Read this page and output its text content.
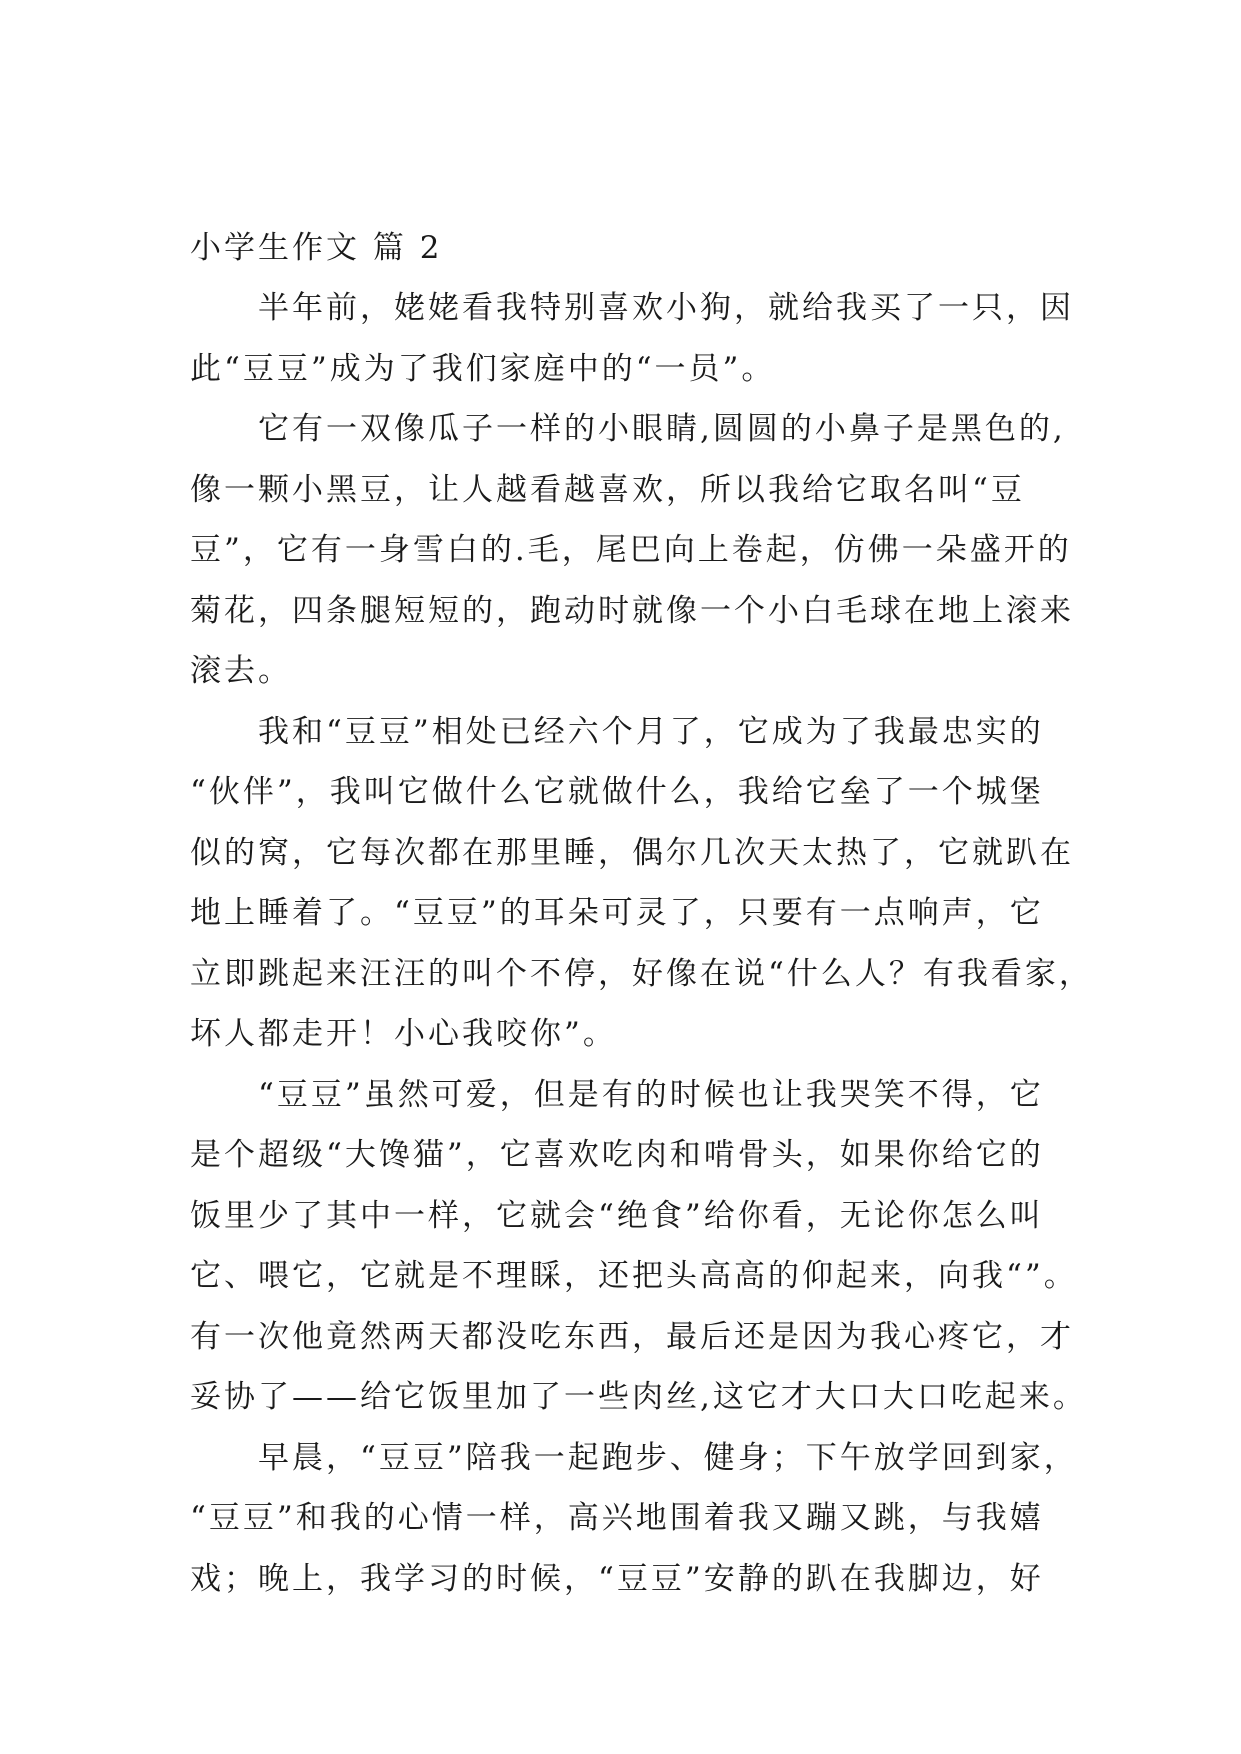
小学生作文 篇 2

半年前，姥姥看我特别喜欢小狗，就给我买了一只，因
此“豆豆”成为了我们家庭中的“一员”。

它有一双像瓜子一样的小眼睛,圆圆的小鼻子是黑色的,
像一颗小黑豆，让人越看越喜欢，所以我给它取名叫“豆
豆”，它有一身雪白的.毛，尾巴向上卷起，仿佛一朵盛开的
菊花，四条腿短短的，跑动时就像一个小白毛球在地上滚来
滚去。

我和“豆豆”相处已经六个月了，它成为了我最忠实的
“伙伴”，我叫它做什么它就做什么，我给它垒了一个城堡
似的窝，它每次都在那里睡，偶尔几次天太热了，它就趴在
地上睡着了。“豆豆”的耳朵可灵了，只要有一点响声，它
立即跳起来汪汪的叫个不停，好像在说“什么人？有我看家，
坏人都走开！小心我咬你”。

“豆豆”虽然可爱，但是有的时候也让我哭笑不得，它
是个超级“大馋猫”，它喜欢吃肉和啃骨头，如果你给它的
饭里少了其中一样，它就会“绝食”给你看，无论你怎么叫
它、喂它，它就是不理睬，还把头高高的仰起来，向我“”。
有一次他竟然两天都没吃东西，最后还是因为我心疼它，才
妥协了——给它饭里加了一些肉丝,这它才大口大口吃起来。

早晨，“豆豆”陪我一起跑步、健身；下午放学回到家，
“豆豆”和我的心情一样，高兴地围着我又蹦又跳，与我嬉
戏；晚上，我学习的时候，“豆豆”安静的趴在我脚边，好
